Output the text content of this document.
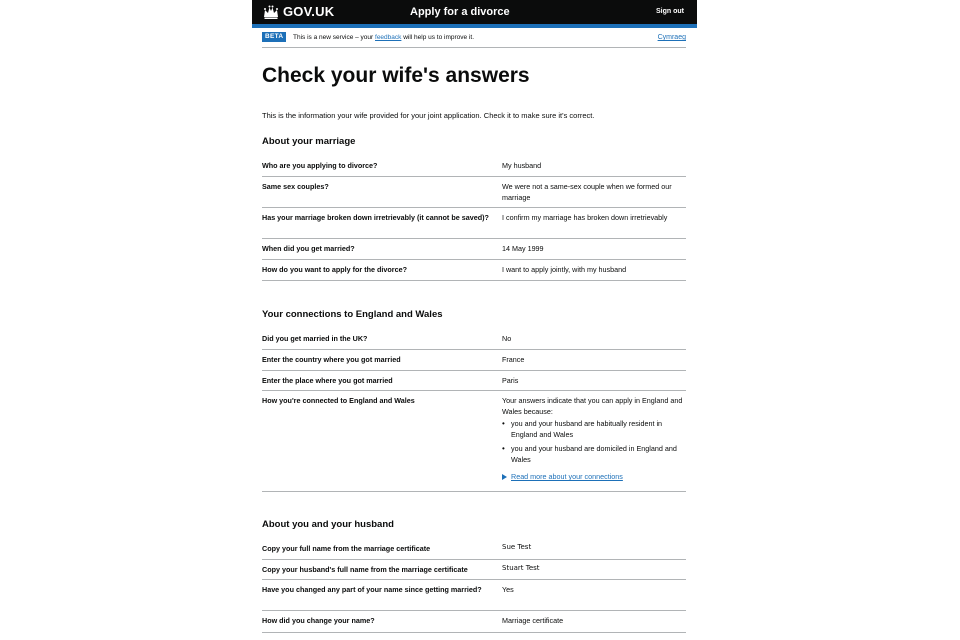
GOV.UK	Apply for a divorce	Sign out
BETA	This is a new service – your feedback will help us to improve it.	Cymraeg
Check your wife's answers

This is the information your wife provided for your joint application. Check it to make sure it's correct.

About your marriage
Who are you applying to divorce?	My husband
Same sex couples?	We were not a same-sex couple when we formed our marriage
Has your marriage broken down irretrievably (it cannot be saved)?	I confirm my marriage has broken down irretrievably
When did you get married?	14 May 1999
How do you want to apply for the divorce?	I want to apply jointly, with my husband
Your connections to England and Wales
Did you get married in the UK?	No
Enter the country where you got married	France
Enter the place where you got married	Paris
How you're connected to England and Wales	Your answers indicate that you can apply in England and Wales because:
• you and your husband are habitually resident in England and Wales
• you and your husband are domiciled in England and Wales
Read more about your connections
About you and your husband
Copy your full name from the marriage certificate	Sue Test
Copy your husband's full name from the marriage certificate	Stuart Test
Have you changed any part of your name since getting married?	Yes
How did you change your name?	Marriage certificate
